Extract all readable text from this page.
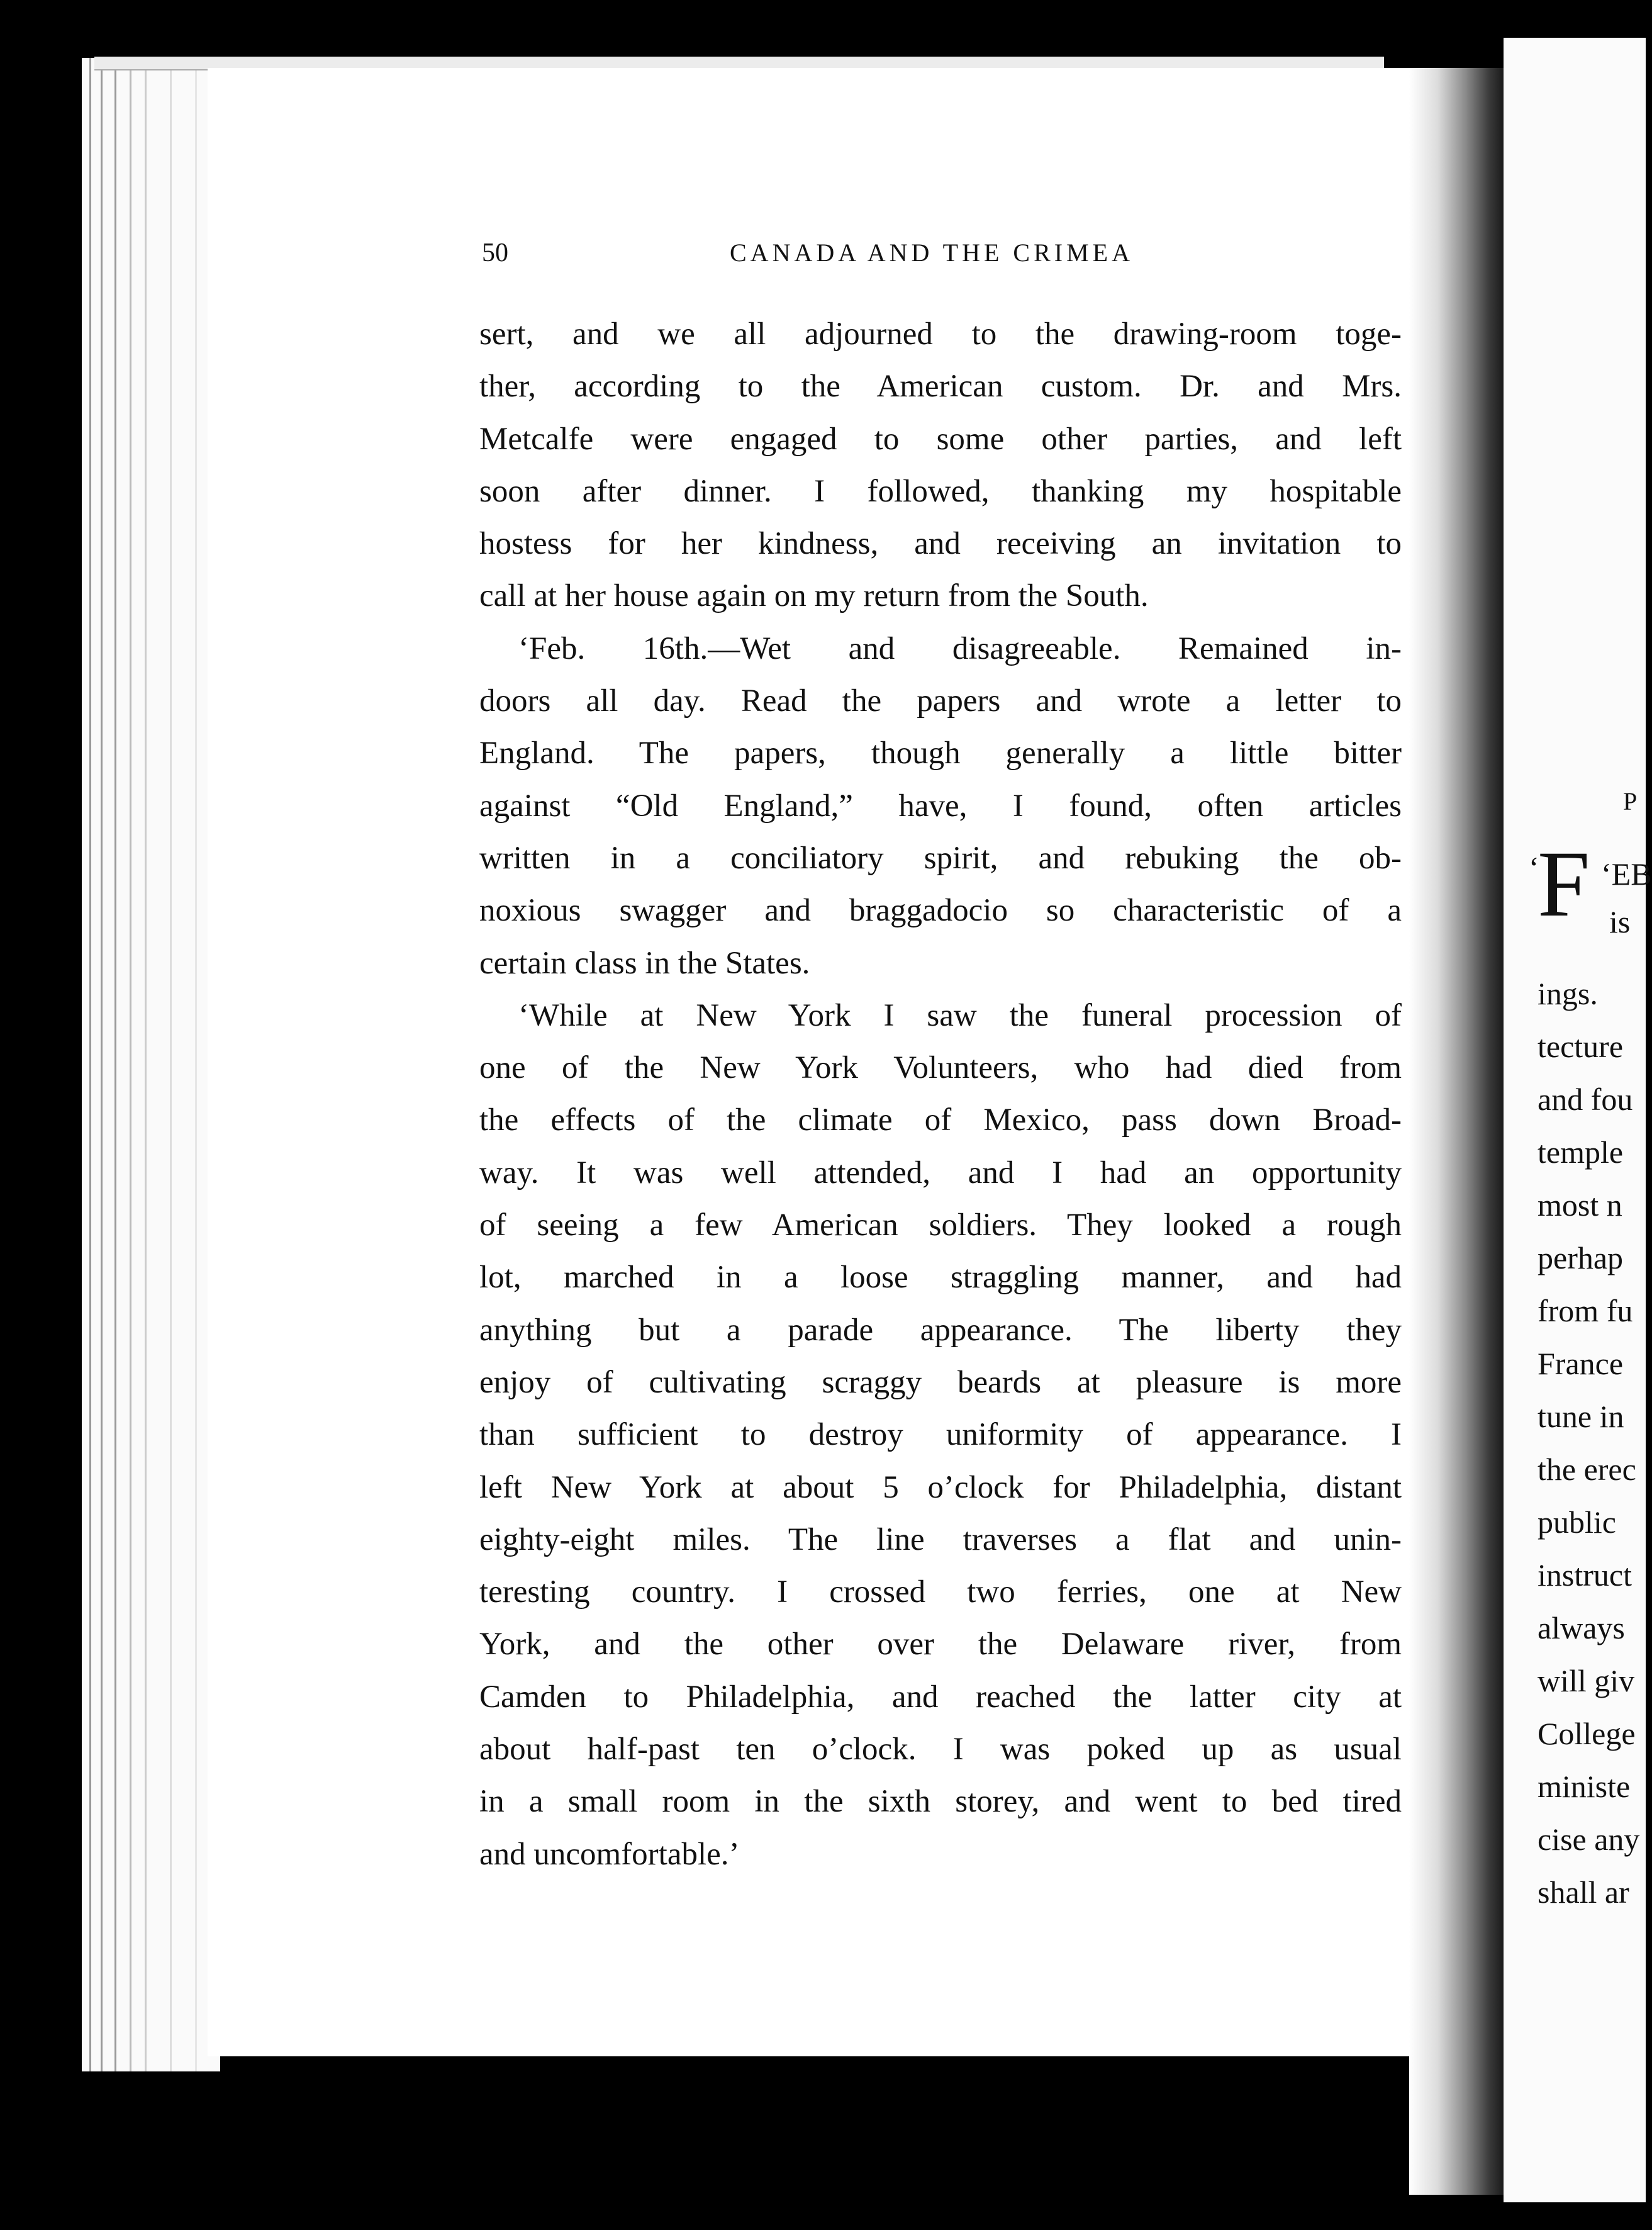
50	CANADA AND THE CRIMEA
sert, and we all adjourned to the drawing-room toge-
ther, according to the American custom. Dr. and Mrs.
Metcalfe were engaged to some other parties, and left
soon after dinner. I followed, thanking my hospitable
hostess for her kindness, and receiving an invitation to
call at her house again on my return from the South.
‘Feb. 16th.—Wet and disagreeable. Remained in-
doors all day. Read the papers and wrote a letter to
England. The papers, though generally a little bitter
against “Old England,” have, I found, often articles
written in a conciliatory spirit, and rebuking the ob-
noxious swagger and braggadocio so characteristic of a
certain class in the States.
‘While at New York I saw the funeral procession of
one of the New York Volunteers, who had died from
the effects of the climate of Mexico, pass down Broad-
way. It was well attended, and I had an opportunity
of seeing a few American soldiers. They looked a rough
lot, marched in a loose straggling manner, and had
anything but a parade appearance. The liberty they
enjoy of cultivating scraggy beards at pleasure is more
than sufficient to destroy uniformity of appearance. I
left New York at about 5 o’clock for Philadelphia, distant
eighty-eight miles. The line traverses a flat and unin-
teresting country. I crossed two ferries, one at New
York, and the other over the Delaware river, from
Camden to Philadelphia, and reached the latter city at
about half-past ten o’clock. I was poked up as usual
in a small room in the sixth storey, and went to bed tired
and uncomfortable.’
P
‘
F ‘EB
is
ings.
tecture
and fou
temple
most n
perhap
from fu
France
tune in
the erec
public
instruct
always
will giv
College
ministe
cise any
shall ar
